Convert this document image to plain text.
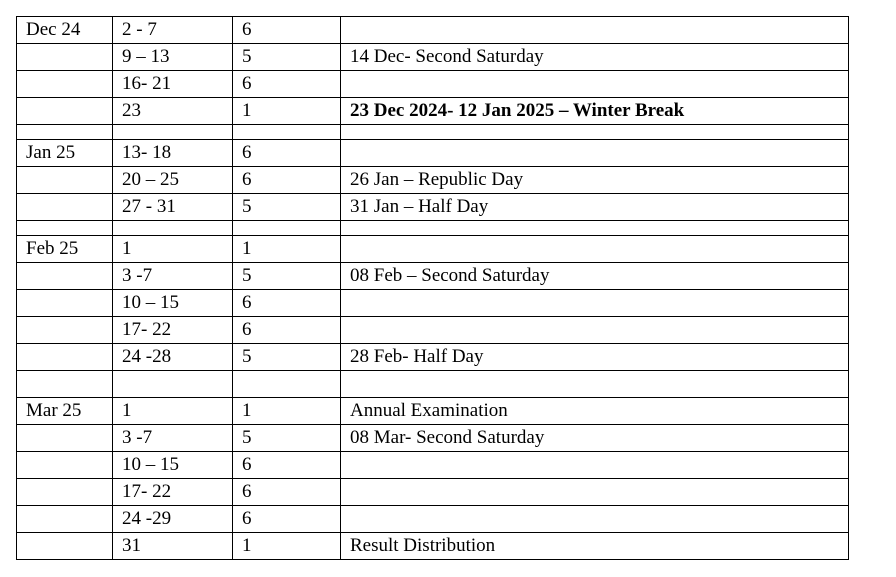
Dec 24	2 - 7	6	
	9 – 13	5	14 Dec- Second Saturday
	16- 21	6	
	23	1	23 Dec 2024- 12 Jan 2025 – Winter Break

Jan 25	13- 18	6	
	20 – 25	6	26 Jan – Republic Day
	27 - 31	5	31 Jan – Half Day

Feb 25	1	1	
	3 -7	5	08 Feb – Second Saturday
	10 – 15	6	
	17- 22	6	
	24 -28	5	28 Feb- Half Day

Mar 25	1	1	Annual Examination
	3 -7	5	08 Mar- Second Saturday
	10 – 15	6	
	17- 22	6	
	24 -29	6	
	31	1	Result Distribution
